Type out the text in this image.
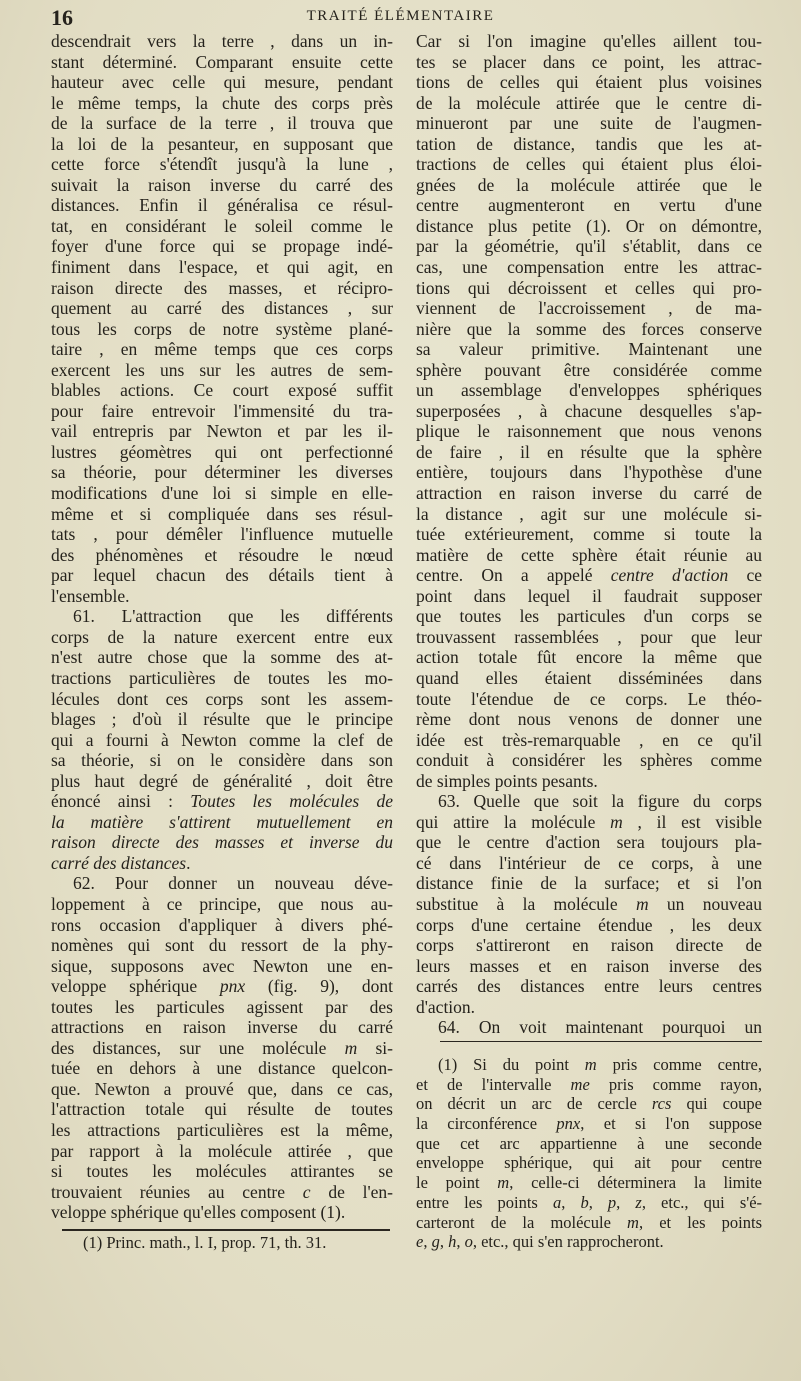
16	TRAITÉ ÉLÉMENTAIRE
descendrait vers la terre , dans un in-
stant déterminé. Comparant ensuite cette
hauteur avec celle qui mesure, pendant
le même temps, la chute des corps près
de la surface de la terre , il trouva que
la loi de la pesanteur, en supposant que
cette force s'étendît jusqu'à la lune ,
suivait la raison inverse du carré des
distances. Enfin il généralisa ce résul-
tat, en considérant le soleil comme le
foyer d'une force qui se propage indé-
finiment dans l'espace, et qui agit, en
raison directe des masses, et récipro-
quement au carré des distances , sur
tous les corps de notre système plané-
taire , en même temps que ces corps
exercent les uns sur les autres de sem-
blables actions. Ce court exposé suffit
pour faire entrevoir l'immensité du tra-
vail entrepris par Newton et par les il-
lustres géomètres qui ont perfectionné
sa théorie, pour déterminer les diverses
modifications d'une loi si simple en elle-
même et si compliquée dans ses résul-
tats , pour démêler l'influence mutuelle
des phénomènes et résoudre le nœud
par lequel chacun des détails tient à
l'ensemble.
61. L'attraction que les différents
corps de la nature exercent entre eux
n'est autre chose que la somme des at-
tractions particulières de toutes les mo-
lécules dont ces corps sont les assem-
blages ; d'où il résulte que le principe
qui a fourni à Newton comme la clef de
sa théorie, si on le considère dans son
plus haut degré de généralité , doit être
énoncé ainsi : Toutes les molécules de
la matière s'attirent mutuellement en
raison directe des masses et inverse du
carré des distances.
62. Pour donner un nouveau déve-
loppement à ce principe, que nous au-
rons occasion d'appliquer à divers phé-
nomènes qui sont du ressort de la phy-
sique, supposons avec Newton une en-
veloppe sphérique pnx (fig. 9), dont
toutes les particules agissent par des
attractions en raison inverse du carré
des distances, sur une molécule m si-
tuée en dehors à une distance quelcon-
que. Newton a prouvé que, dans ce cas,
l'attraction totale qui résulte de toutes
les attractions particulières est la même,
par rapport à la molécule attirée , que
si toutes les molécules attirantes se
trouvaient réunies au centre c de l'en-
veloppe sphérique qu'elles composent (1).
Car si l'on imagine qu'elles aillent tou-
tes se placer dans ce point, les attrac-
tions de celles qui étaient plus voisines
de la molécule attirée que le centre di-
minueront par une suite de l'augmen-
tation de distance, tandis que les at-
tractions de celles qui étaient plus éloi-
gnées de la molécule attirée que le
centre augmenteront en vertu d'une
distance plus petite (1). Or on démontre,
par la géométrie, qu'il s'établit, dans ce
cas, une compensation entre les attrac-
tions qui décroissent et celles qui pro-
viennent de l'accroissement , de ma-
nière que la somme des forces conserve
sa valeur primitive. Maintenant une
sphère pouvant être considérée comme
un assemblage d'enveloppes sphériques
superposées , à chacune desquelles s'ap-
plique le raisonnement que nous venons
de faire , il en résulte que la sphère
entière, toujours dans l'hypothèse d'une
attraction en raison inverse du carré de
la distance , agit sur une molécule si-
tuée extérieurement, comme si toute la
matière de cette sphère était réunie au
centre. On a appelé centre d'action ce
point dans lequel il faudrait supposer
que toutes les particules d'un corps se
trouvassent rassemblées , pour que leur
action totale fût encore la même que
quand elles étaient disséminées dans
toute l'étendue de ce corps. Le théo-
rème dont nous venons de donner une
idée est très-remarquable , en ce qu'il
conduit à considérer les sphères comme
de simples points pesants.
63. Quelle que soit la figure du corps
qui attire la molécule m , il est visible
que le centre d'action sera toujours pla-
cé dans l'intérieur de ce corps, à une
distance finie de la surface; et si l'on
substitue à la molécule m un nouveau
corps d'une certaine étendue , les deux
corps s'attireront en raison directe de
leurs masses et en raison inverse des
carrés des distances entre leurs centres
d'action.
64. On voit maintenant pourquoi un
(1) Princ. math., l. I, prop. 71, th. 31.
(1) Si du point m pris comme centre,
et de l'intervalle me pris comme rayon,
on décrit un arc de cercle rcs qui coupe
la circonférence pnx, et si l'on suppose
que cet arc appartienne à une seconde
enveloppe sphérique, qui ait pour centre
le point m, celle-ci déterminera la limite
entre les points a, b, p, z, etc., qui s'é-
carteront de la molécule m, et les points
e, g, h, o, etc., qui s'en rapprocheront.
